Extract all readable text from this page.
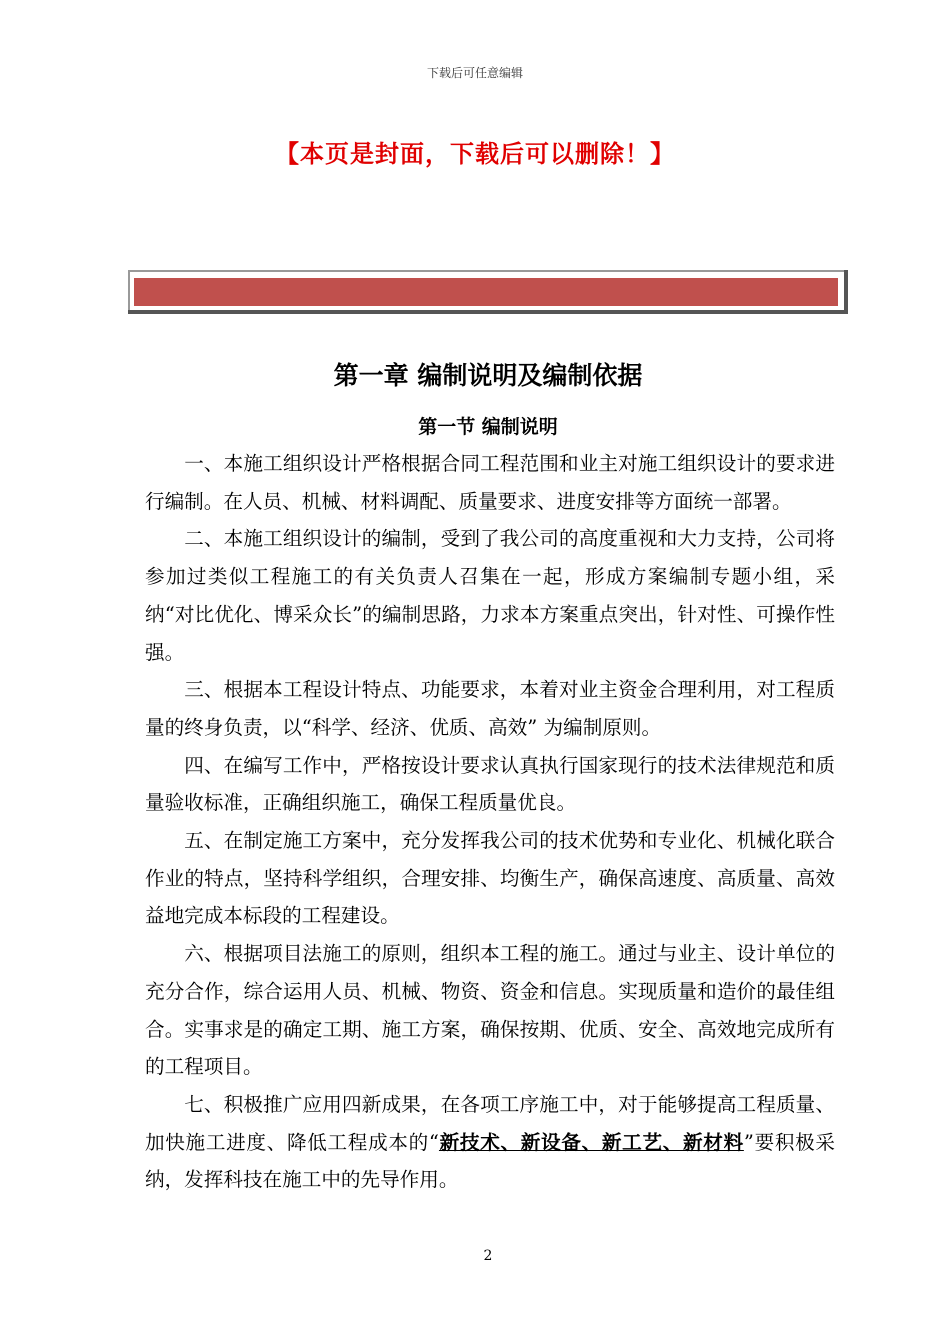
下载后可任意编辑
【本页是封面，下载后可以删除！】
第一章 编制说明及编制依据
第一节 编制说明

一、本施工组织设计严格根据合同工程范围和业主对施工组织设计的要求进行编制。在人员、机械、材料调配、质量要求、进度安排等方面统一部署。

二、本施工组织设计的编制，受到了我公司的高度重视和大力支持，公司将参加过类似工程施工的有关负责人召集在一起，形成方案编制专题小组，采纳“对比优化、博采众长”的编制思路，力求本方案重点突出，针对性、可操作性强。

三、根据本工程设计特点、功能要求，本着对业主资金合理利用，对工程质量的终身负责，以“科学、经济、优质、高效” 为编制原则。

四、在编写工作中，严格按设计要求认真执行国家现行的技术法律规范和质量验收标准，正确组织施工，确保工程质量优良。

五、在制定施工方案中，充分发挥我公司的技术优势和专业化、机械化联合作业的特点，坚持科学组织，合理安排、均衡生产，确保高速度、高质量、高效益地完成本标段的工程建设。

六、根据项目法施工的原则，组织本工程的施工。通过与业主、设计单位的充分合作，综合运用人员、机械、物资、资金和信息。实现质量和造价的最佳组合。实事求是的确定工期、施工方案，确保按期、优质、安全、高效地完成所有的工程项目。

七、积极推广应用四新成果，在各项工序施工中，对于能够提高工程质量、加快施工进度、降低工程成本的“新技术、新设备、新工艺、新材料”要积极采纳，发挥科技在施工中的先导作用。

2
